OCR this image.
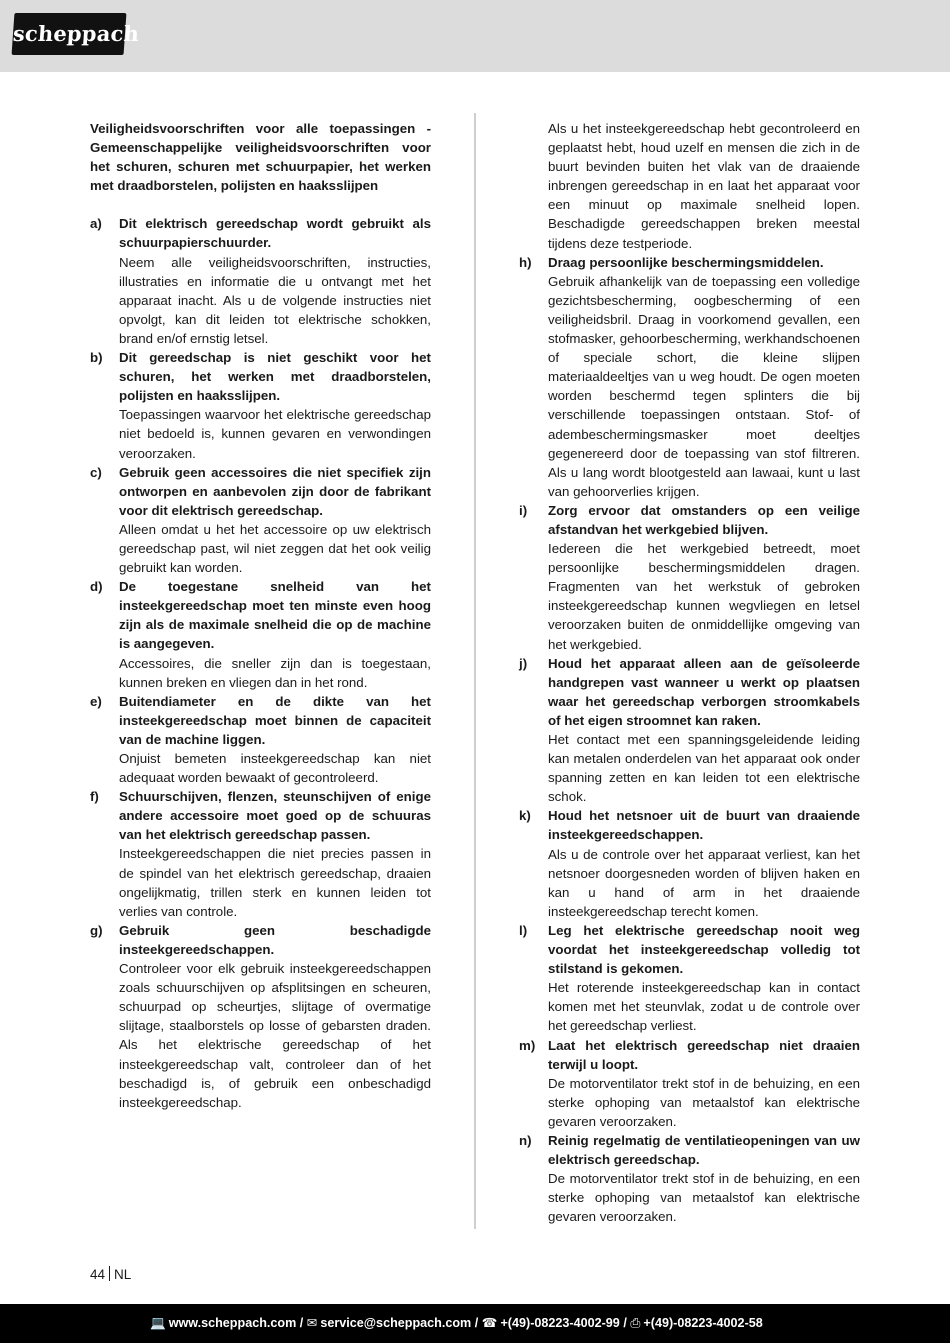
scheppach
Veiligheidsvoorschriften voor alle toepassingen - Gemeenschappelijke veiligheidsvoorschriften voor het schuren, schuren met schuurpapier, het werken met draadborstelen, polijsten en haaksslijpen
a) Dit elektrisch gereedschap wordt gebruikt als schuurpapierschuurder.
Neem alle veiligheidsvoorschriften, instructies, illustraties en informatie die u ontvangt met het apparaat inacht. Als u de volgende instructies niet opvolgt, kan dit leiden tot elektrische schokken, brand en/of ernstig letsel.
b) Dit gereedschap is niet geschikt voor het schuren, het werken met draadborstelen, polijsten en haaksslijpen.
Toepassingen waarvoor het elektrische gereedschap niet bedoeld is, kunnen gevaren en verwondingen veroorzaken.
c) Gebruik geen accessoires die niet specifiek zijn ontworpen en aanbevolen zijn door de fabrikant voor dit elektrisch gereedschap.
Alleen omdat u het het accessoire op uw elektrisch gereedschap past, wil niet zeggen dat het ook veilig gebruikt kan worden.
d) De toegestane snelheid van het insteekgereedschap moet ten minste even hoog zijn als de maximale snelheid die op de machine is aangegeven.
Accessoires, die sneller zijn dan is toegestaan, kunnen breken en vliegen dan in het rond.
e) Buitendiameter en de dikte van het insteekgereedschap moet binnen de capaciteit van de machine liggen.
Onjuist bemeten insteekgereedschap kan niet adequaat worden bewaakt of gecontroleerd.
f) Schuurschijven, flenzen, steunschijven of enige andere accessoire moet goed op de schuuras van het elektrisch gereedschap passen.
Insteekgereedschappen die niet precies passen in de spindel van het elektrisch gereedschap, draaien ongelijkmatig, trillen sterk en kunnen leiden tot verlies van controle.
g) Gebruik geen beschadigde insteekgereedschappen.
Controleer voor elk gebruik insteekgereedschappen zoals schuurschijven op afsplitsingen en scheuren, schuurpad op scheurtjes, slijtage of overmatige slijtage, staalborstels op losse of gebarsten draden. Als het elektrische gereedschap of het insteekgereedschap valt, controleer dan of het beschadigd is, of gebruik een onbeschadigd insteekgereedschap.
Als u het insteekgereedschap hebt gecontroleerd en geplaatst hebt, houd uzelf en mensen die zich in de buurt bevinden buiten het vlak van de draaiende inbrengen gereedschap in en laat het apparaat voor een minuut op maximale snelheid lopen. Beschadigde gereedschappen breken meestal tijdens deze testperiode.
h) Draag persoonlijke beschermingsmiddelen.
Gebruik afhankelijk van de toepassing een volledige gezichtsbescherming, oogbescherming of een veiligheidsbril. Draag in voorkomend gevallen, een stofmasker, gehoorbescherming, werkhandschoenen of speciale schort, die kleine slijpen materiaaldeeltjes van u weg houdt. De ogen moeten worden beschermd tegen splinters die bij verschillende toepassingen ontstaan. Stof- of adembeschermingsmasker moet deeltjes gegenereerd door de toepassing van stof filtreren. Als u lang wordt blootgesteld aan lawaai, kunt u last van gehoorverlies krijgen.
i) Zorg ervoor dat omstanders op een veilige afstandvan het werkgebied blijven.
Iedereen die het werkgebied betreedt, moet persoonlijke beschermingsmiddelen dragen. Fragmenten van het werkstuk of gebroken insteekgereedschap kunnen wegvliegen en letsel veroorzaken buiten de onmiddellijke omgeving van het werkgebied.
j) Houd het apparaat alleen aan de geïsoleerde handgrepen vast wanneer u werkt op plaatsen waar het gereedschap verborgen stroomkabels of het eigen stroomnet kan raken.
Het contact met een spanningsgeleidende leiding kan metalen onderdelen van het apparaat ook onder spanning zetten en kan leiden tot een elektrische schok.
k) Houd het netsnoer uit de buurt van draaiende insteekgereedschappen.
Als u de controle over het apparaat verliest, kan het netsnoer doorgesneden worden of blijven haken en kan u hand of arm in het draaiende insteekgereedschap terecht komen.
l) Leg het elektrische gereedschap nooit weg voordat het insteekgereedschap volledig tot stilstand is gekomen.
Het roterende insteekgereedschap kan in contact komen met het steunvlak, zodat u de controle over het gereedschap verliest.
m) Laat het elektrisch gereedschap niet draaien terwijl u loopt.
De motorventilator trekt stof in de behuizing, en een sterke ophoping van metaalstof kan elektrische gevaren veroorzaken.
n) Reinig regelmatig de ventilatieopeningen van uw elektrisch gereedschap.
De motorventilator trekt stof in de behuizing, en een sterke ophoping van metaalstof kan elektrische gevaren veroorzaken.
44 NL
💻 www.scheppach.com / ✉ service@scheppach.com / ☎ +(49)-08223-4002-99 / ⎙ +(49)-08223-4002-58
